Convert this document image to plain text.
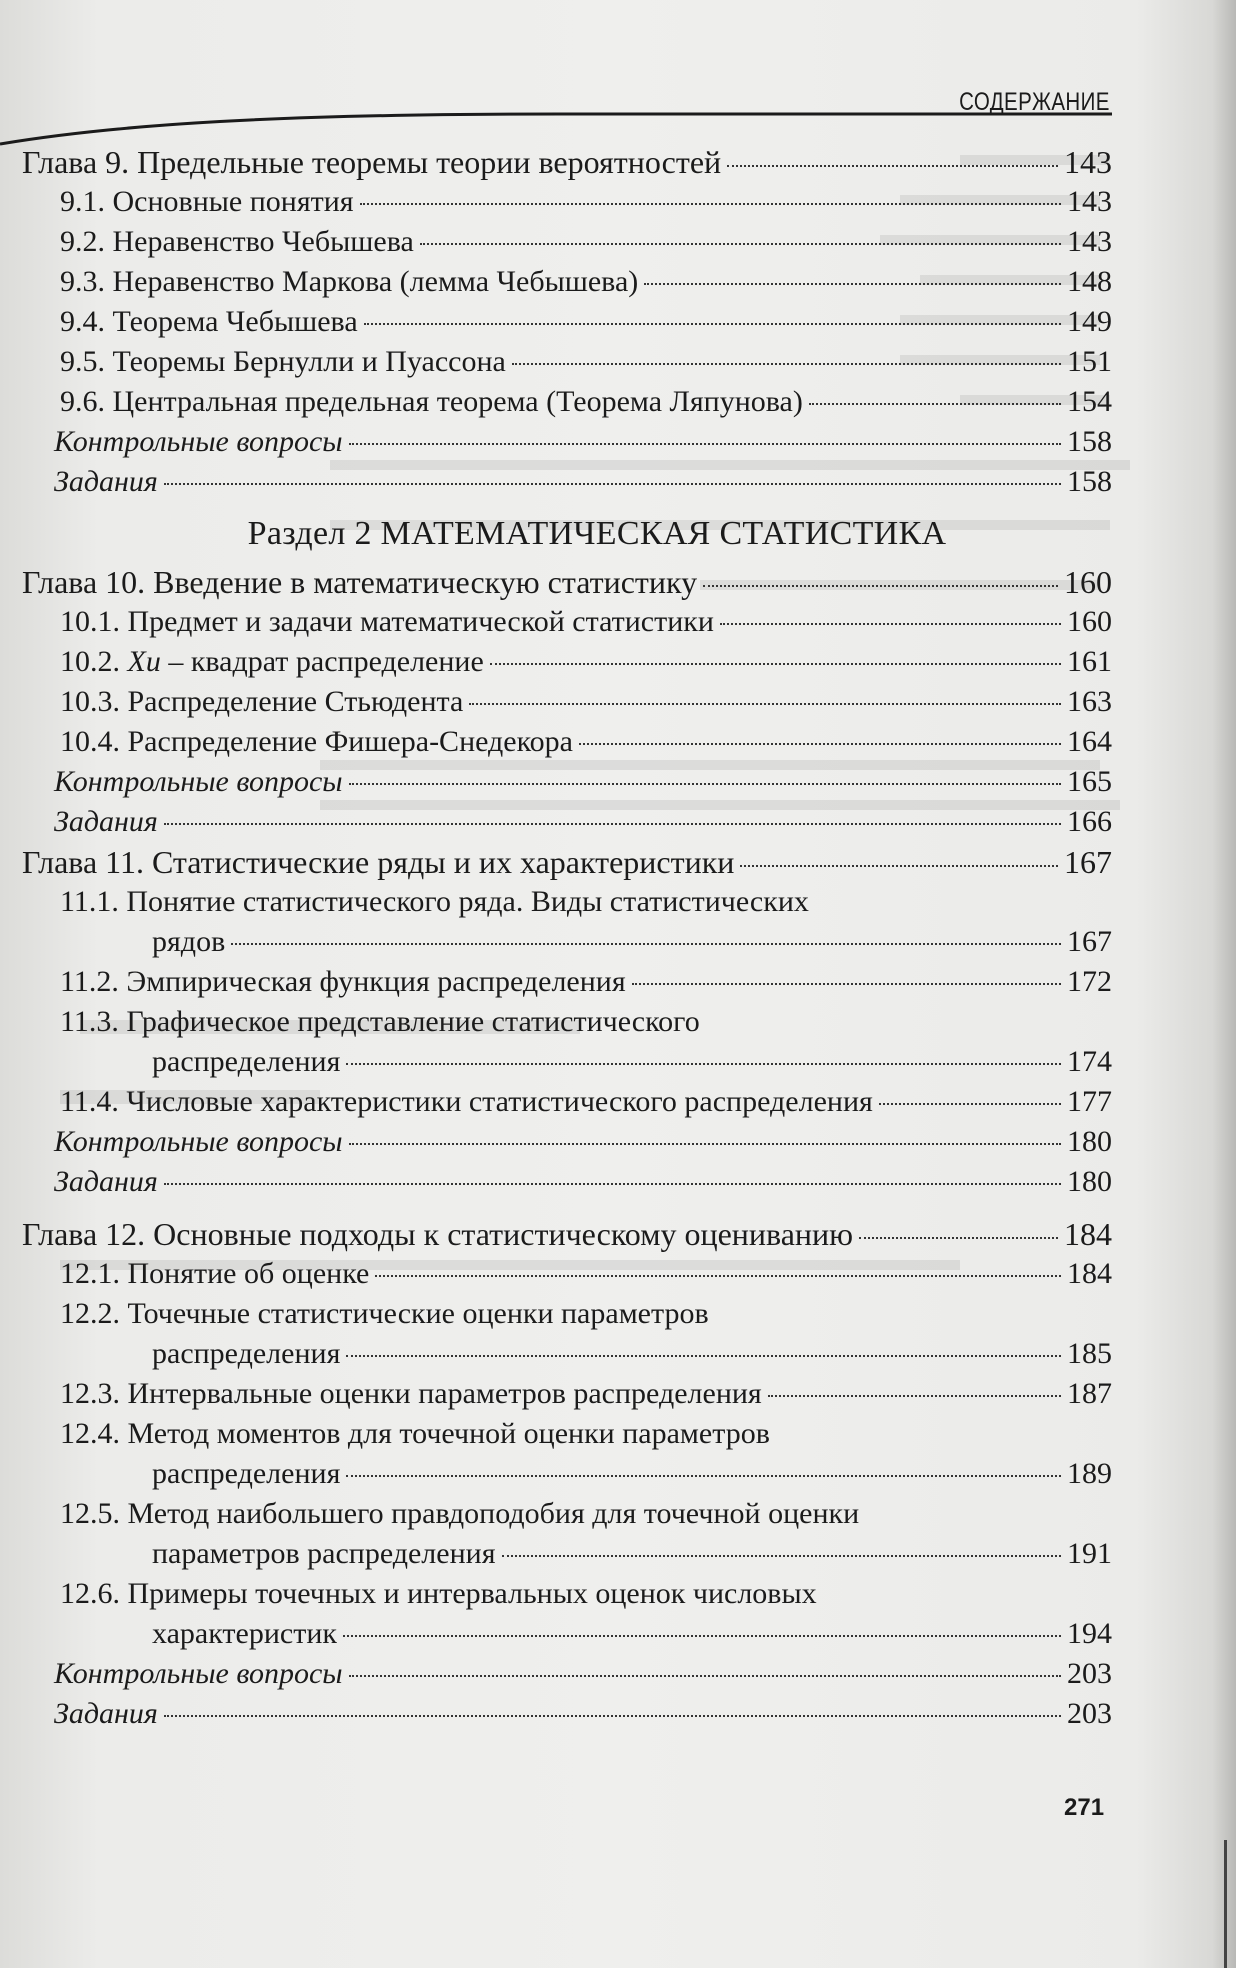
СОДЕРЖАНИЕ
Глава 9. Предельные теоремы теории вероятностей	143
9.1. Основные понятия	143
9.2. Неравенство Чебышева	143
9.3. Неравенство Маркова (лемма Чебышева)	148
9.4. Теорема Чебышева	149
9.5. Теоремы Бернулли и Пуассона	151
9.6. Центральная предельная теорема (Теорема Ляпунова)	154
Контрольные вопросы	158
Задания	158
Раздел 2 МАТЕМАТИЧЕСКАЯ СТАТИСТИКА
Глава 10. Введение в математическую статистику	160
10.1. Предмет и задачи математической статистики	160
10.2. Хи – квадрат распределение	161
10.3. Распределение Стьюдента	163
10.4. Распределение Фишера-Снедекора	164
Контрольные вопросы	165
Задания	166
Глава 11. Статистические ряды и их характеристики	167
11.1. Понятие статистического ряда. Виды статистических
рядов	167
11.2. Эмпирическая функция распределения	172
11.3. Графическое представление статистического
распределения	174
11.4. Числовые характеристики статистического распределения	177
Контрольные вопросы	180
Задания	180
Глава 12. Основные подходы к статистическому оцениванию	184
12.1. Понятие об оценке	184
12.2. Точечные статистические оценки параметров
распределения	185
12.3. Интервальные оценки параметров распределения	187
12.4. Метод моментов для точечной оценки параметров
распределения	189
12.5. Метод наибольшего правдоподобия для точечной оценки
параметров распределения	191
12.6. Примеры точечных и интервальных оценок числовых
характеристик	194
Контрольные вопросы	203
Задания	203
271
